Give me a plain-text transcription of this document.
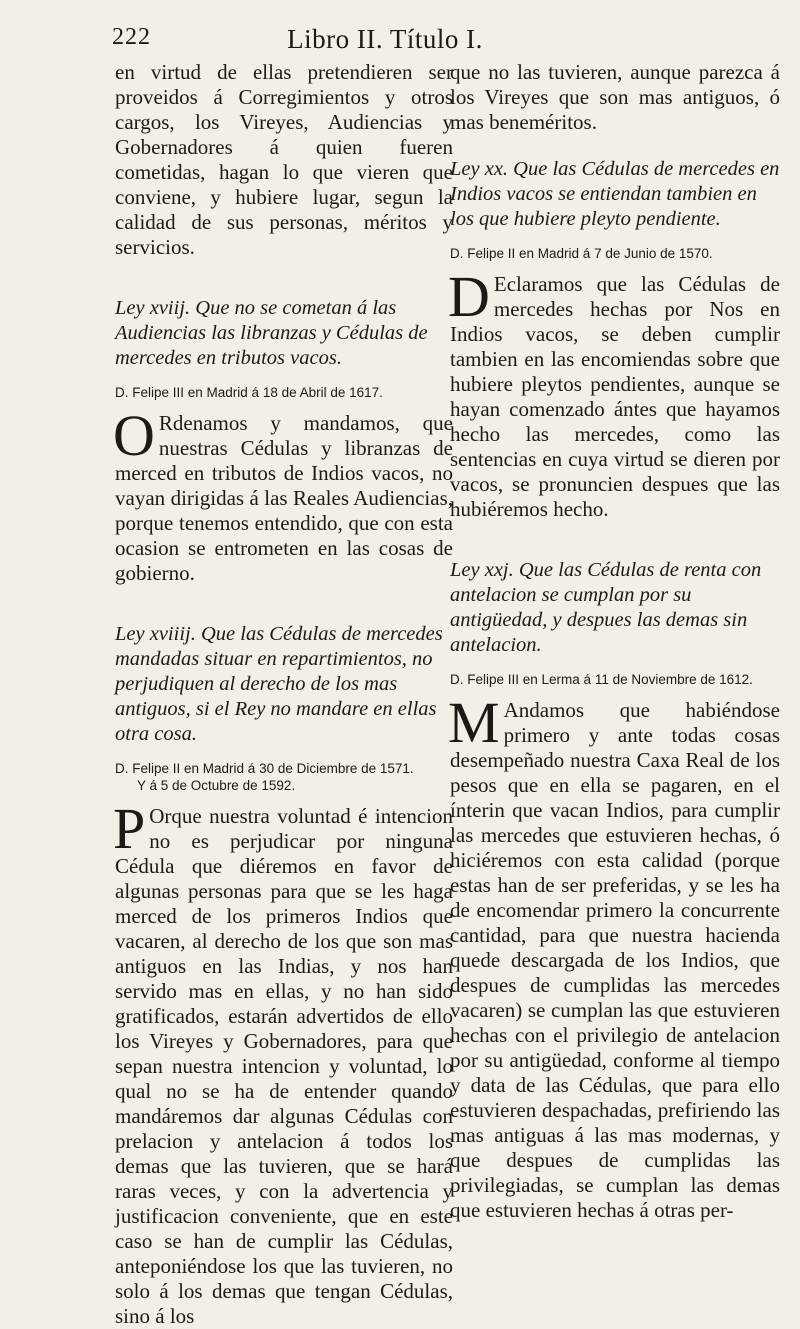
222	Libro II. Título I.

en virtud de ellas pretendieren ser proveidos á Corregimientos y otros cargos, los Vireyes, Audiencias y Gobernadores á quien fueren cometidas, hagan lo que vieren que conviene, y hubiere lugar, segun la calidad de sus personas, méritos y servicios.

Ley xviij. Que no se cometan á las Audiencias las libranzas y Cédulas de mercedes en tributos vacos.

D. Felipe III en Madrid á 18 de Abril de 1617.

O Rdenamos y mandamos, que nuestras Cédulas y libranzas de merced en tributos de Indios vacos, no vayan dirigidas á las Reales Audiencias, porque tenemos entendido, que con esta ocasion se entrometen en las cosas de gobierno.

Ley xviiij. Que las Cédulas de mercedes mandadas situar en repartimientos, no perjudiquen al derecho de los mas antiguos, si el Rey no mandare en ellas otra cosa.

D. Felipe II en Madrid á 30 de Diciembre de 1571.

Y á 5 de Octubre de 1592.

P Orque nuestra voluntad é intencion no es perjudicar por ninguna Cédula que diéremos en favor de algunas personas para que se les haga merced de los primeros Indios que vacaren, al derecho de los que son mas antiguos en las Indias, y nos han servido mas en ellas, y no han sido gratificados, estarán advertidos de ello los Vireyes y Gobernadores, para que sepan nuestra intencion y voluntad, lo qual no se ha de entender quando mandáremos dar algunas Cédulas con prelacion y antelacion á todos los demas que las tuvieren, que se hará raras veces, y con la advertencia y justificacion conveniente, que en este caso se han de cumplir las Cédulas, anteponiéndose los que las tuvieren, no solo á los demas que tengan Cédulas, sino á los

que no las tuvieren, aunque parezca á los Vireyes que son mas antiguos, ó mas beneméritos.

Ley xx. Que las Cédulas de mercedes en Indios vacos se entiendan tambien en los que hubiere pleyto pendiente.

D. Felipe II en Madrid á 7 de Junio de 1570.

D Eclaramos que las Cédulas de mercedes hechas por Nos en Indios vacos, se deben cumplir tambien en las encomiendas sobre que hubiere pleytos pendientes, aunque se hayan comenzado ántes que hayamos hecho las mercedes, como las sentencias en cuya virtud se dieren por vacos, se pronuncien despues que las hubiéremos hecho.

Ley xxj. Que las Cédulas de renta con antelacion se cumplan por su antigüedad, y despues las demas sin antelacion.

D. Felipe III en Lerma á 11 de Noviembre de 1612.

M Andamos que habiéndose primero y ante todas cosas desempeñado nuestra Caxa Real de los pesos que en ella se pagaren, en el ínterin que vacan Indios, para cumplir las mercedes que estuvieren hechas, ó hiciéremos con esta calidad (porque estas han de ser preferidas, y se les ha de encomendar primero la concurrente cantidad, para que nuestra hacienda quede descargada de los Indios, que despues de cumplidas las mercedes vacaren) se cumplan las que estuvieren hechas con el privilegio de antelacion por su antigüedad, conforme al tiempo y data de las Cédulas, que para ello estuvieren despachadas, prefiriendo las mas antiguas á las mas modernas, y que despues de cumplidas las privilegiadas, se cumplan las demas que estuvieren hechas á otras per-
